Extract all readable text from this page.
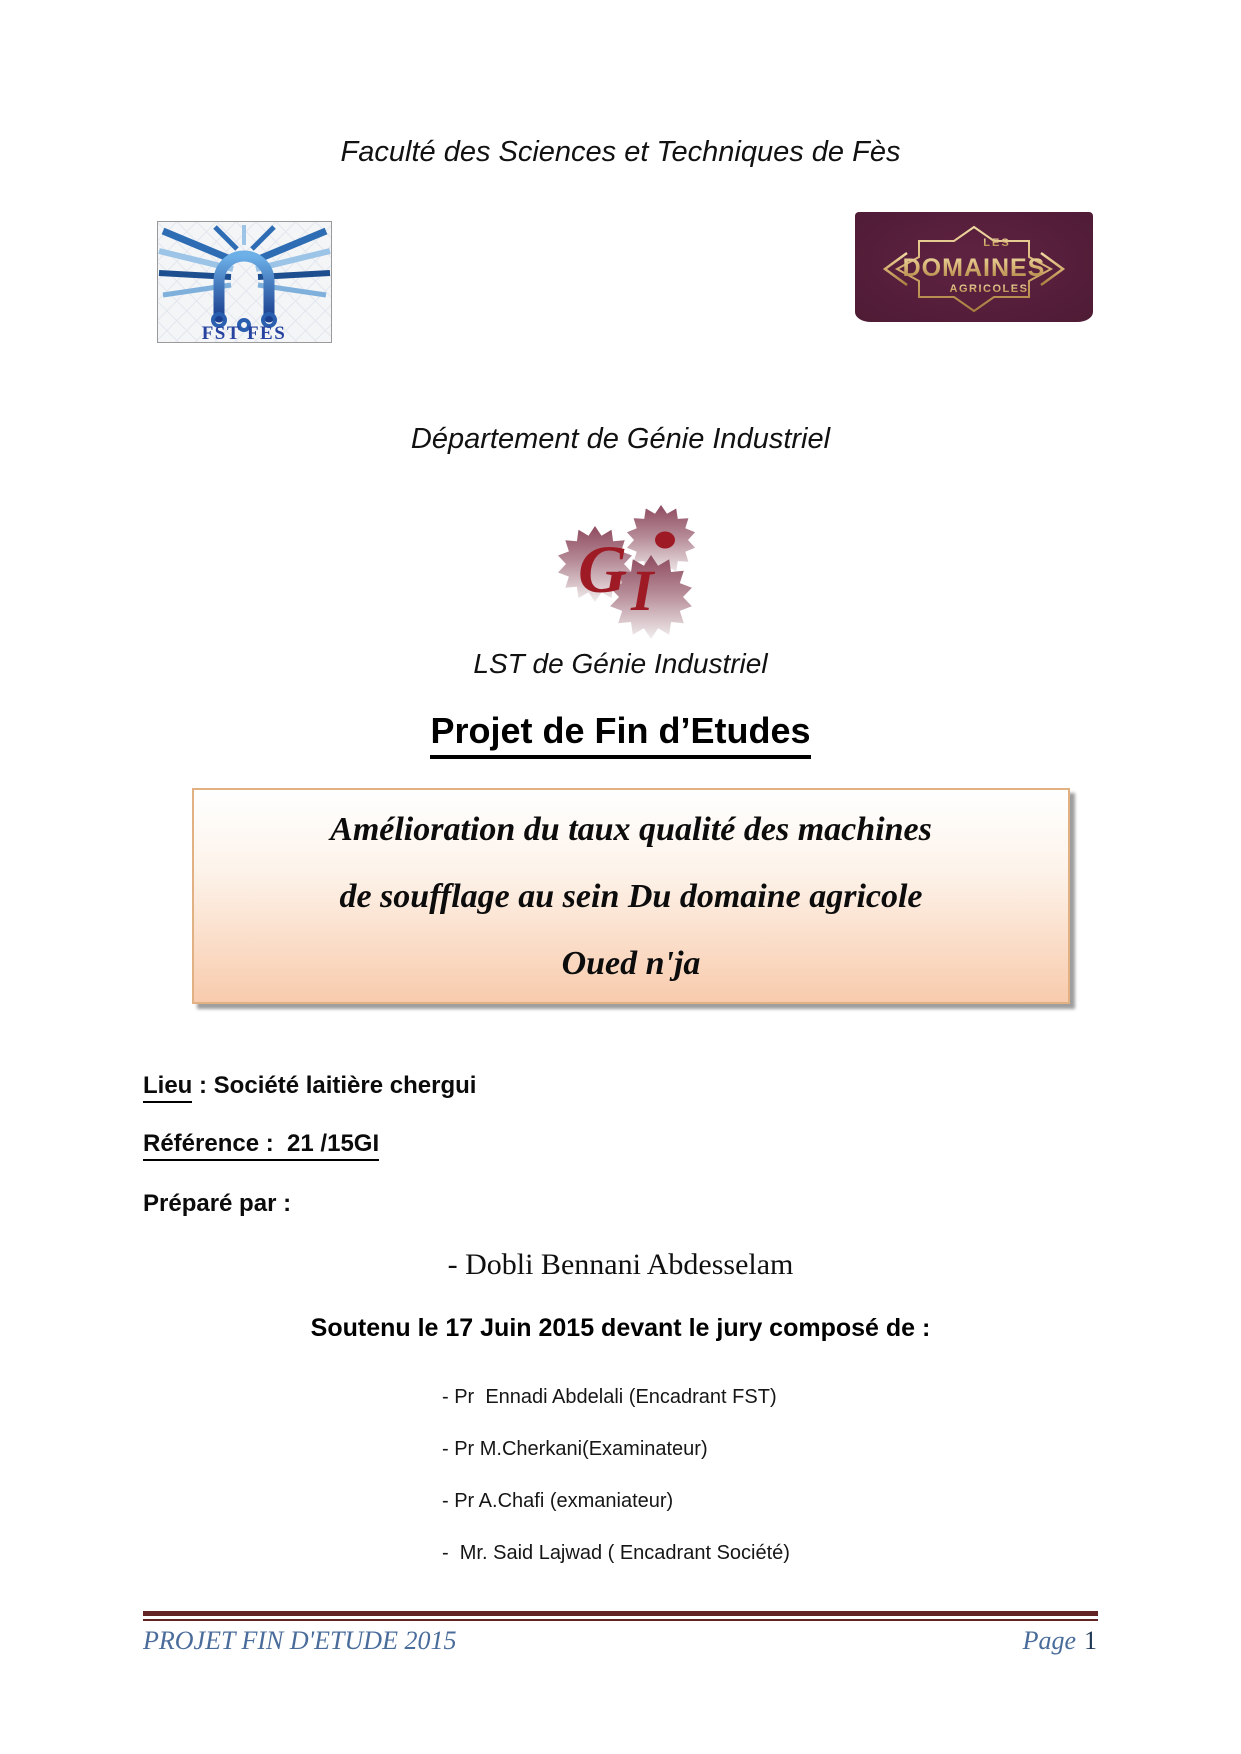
Faculté des Sciences et Techniques de Fès
FST FES
LES
DOMAINES
AGRICOLES
Département de Génie Industriel
G I
LST de Génie Industriel
Projet de Fin d’Etudes
Amélioration du taux qualité des machines
de soufflage au sein Du domaine agricole
Oued n'ja
Lieu : Société laitière chergui
Référence :  21 /15GI
Préparé par :
- Dobli Bennani Abdesselam
Soutenu le 17 Juin 2015 devant le jury composé de :
- Pr  Ennadi Abdelali (Encadrant FST)
- Pr M.Cherkani(Examinateur)
- Pr A.Chafi (exmaniateur)
-  Mr. Said Lajwad ( Encadrant Société)
PROJET FIN D'ETUDE 2015	Page 1
